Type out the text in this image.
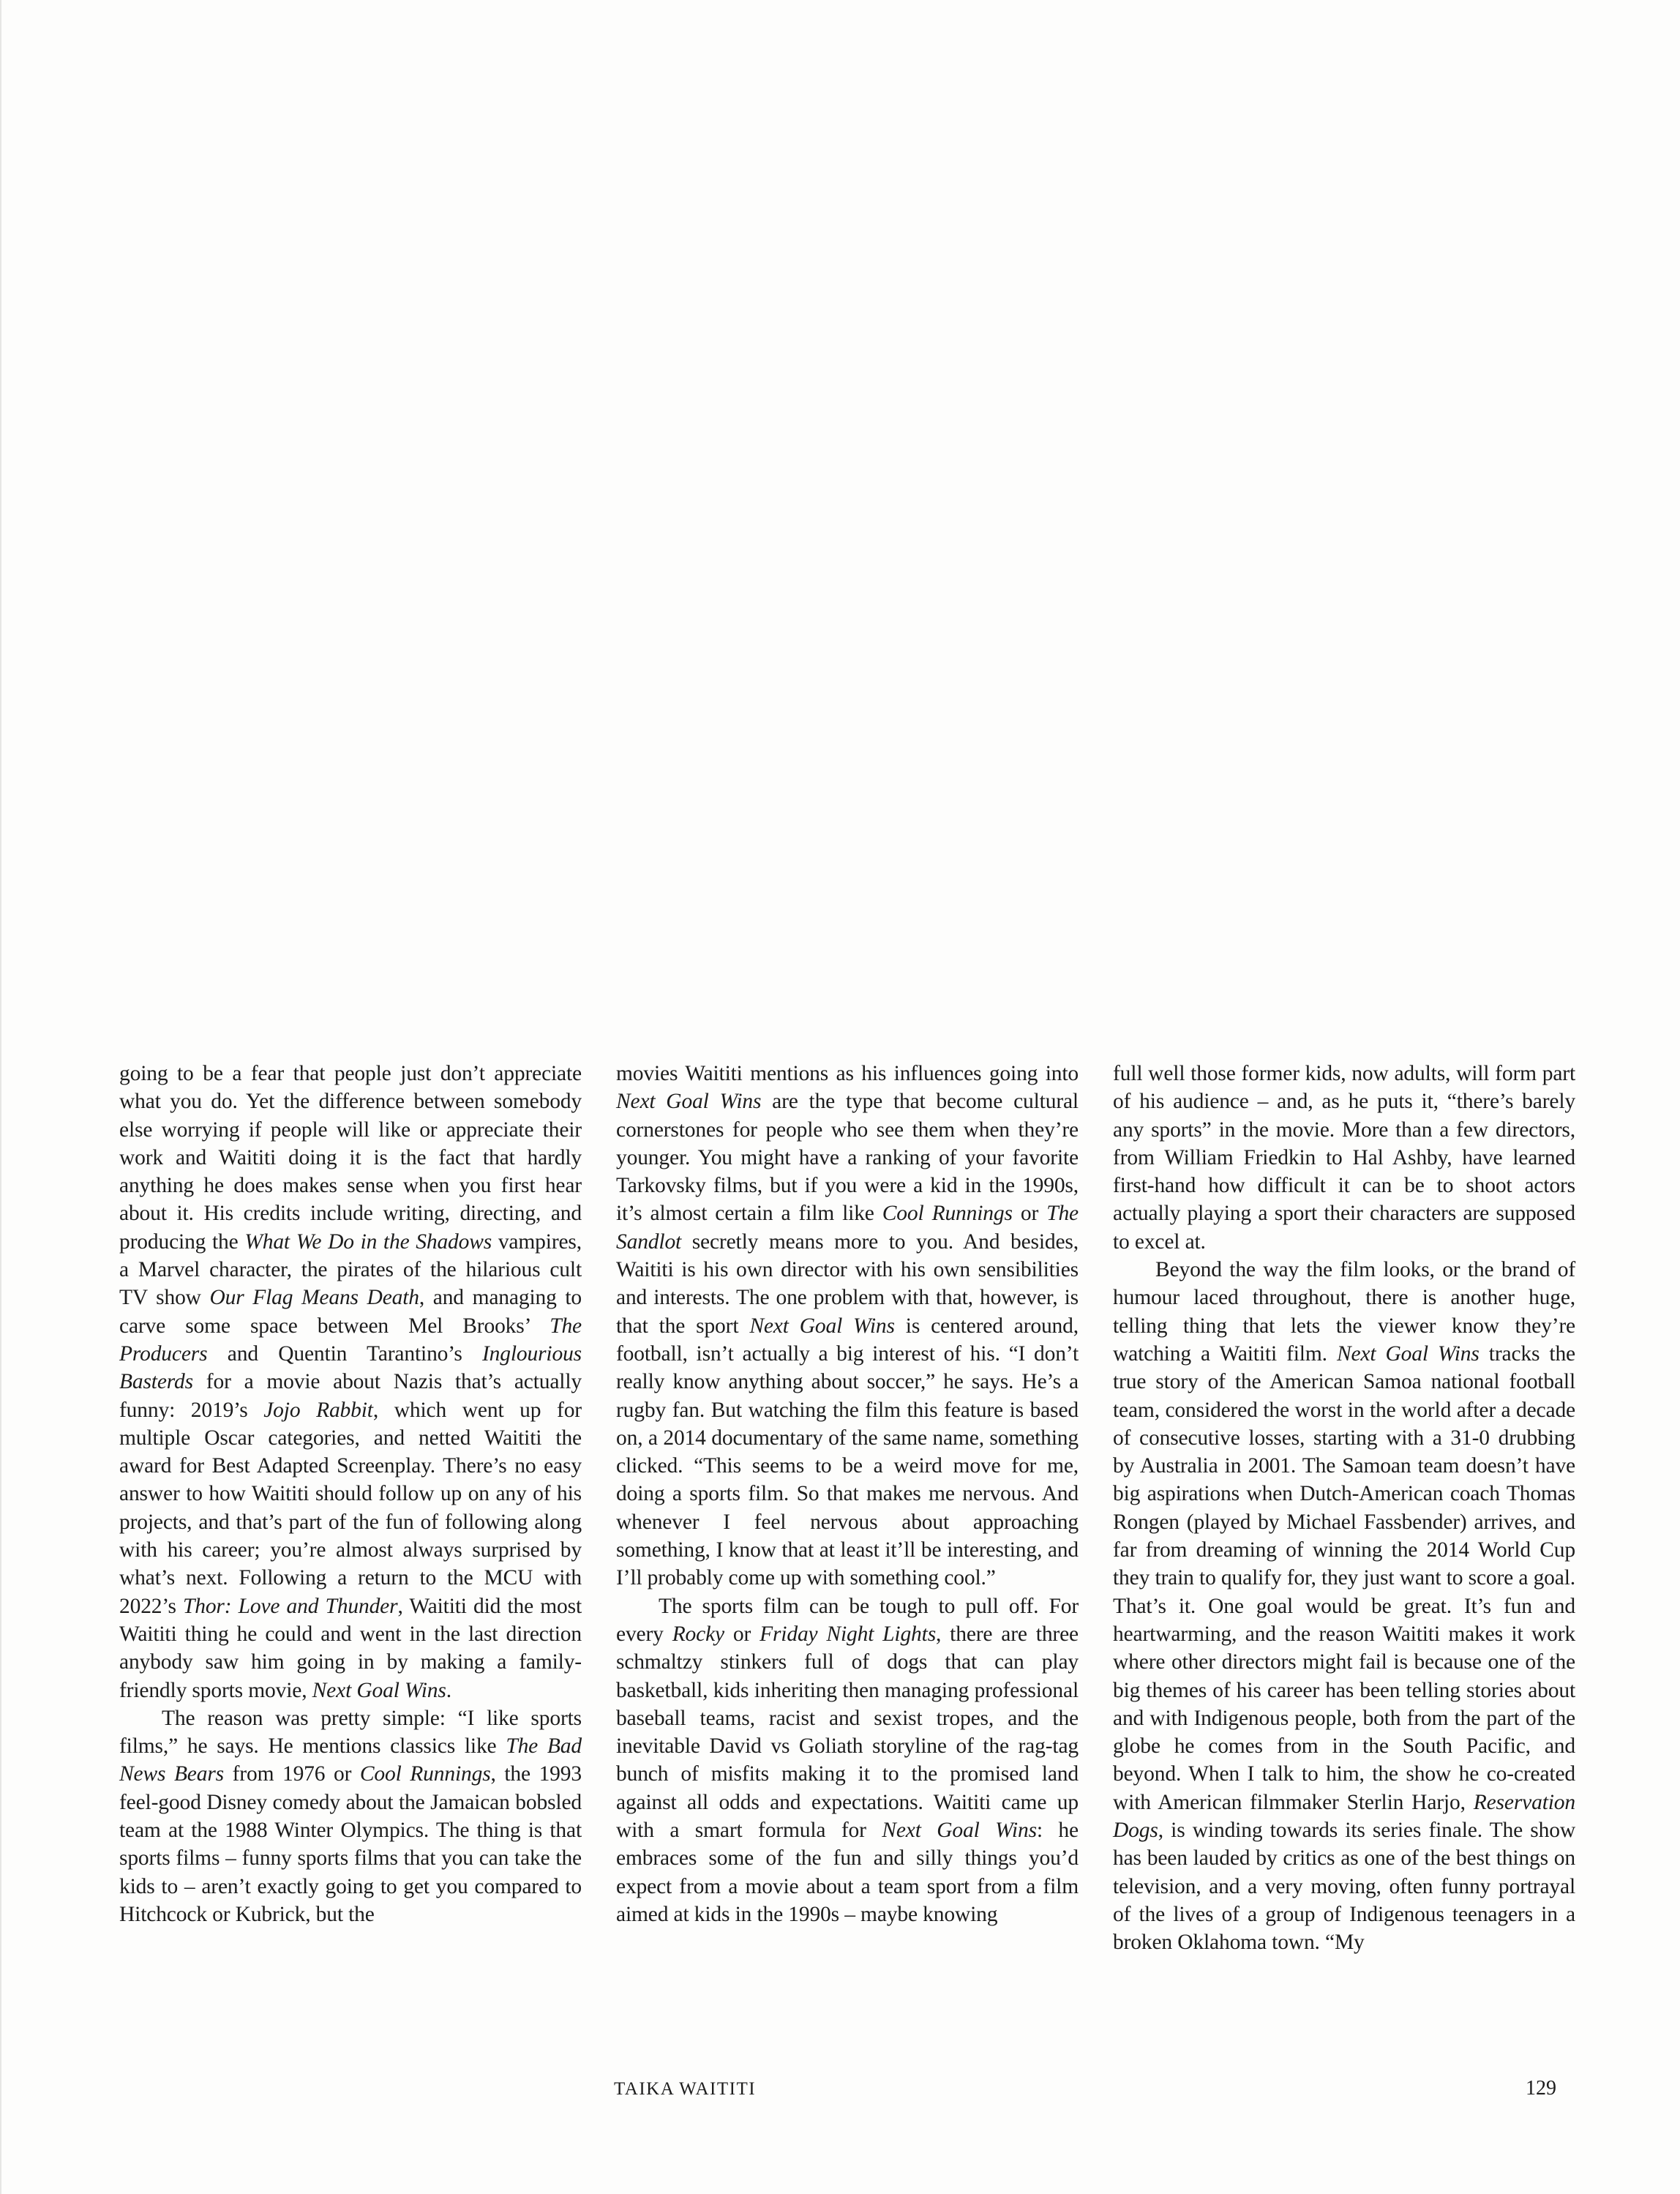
going to be a fear that people just don’t appreciate what you do. Yet the difference between somebody else worrying if people will like or appreciate their work and Waititi doing it is the fact that hardly anything he does makes sense when you first hear about it. His credits include writing, directing, and producing the What We Do in the Shadows vampires, a Marvel character, the pirates of the hilarious cult TV show Our Flag Means Death, and managing to carve some space between Mel Brooks’ The Producers and Quentin Tarantino’s Inglourious Basterds for a movie about Nazis that’s actually funny: 2019’s Jojo Rabbit, which went up for multiple Oscar categories, and netted Waititi the award for Best Adapted Screenplay. There’s no easy answer to how Waititi should follow up on any of his projects, and that’s part of the fun of following along with his career; you’re almost always surprised by what’s next. Following a return to the MCU with 2022’s Thor: Love and Thunder, Waititi did the most Waititi thing he could and went in the last direction anybody saw him going in by making a family-friendly sports movie, Next Goal Wins.

The reason was pretty simple: “I like sports films,” he says. He mentions classics like The Bad News Bears from 1976 or Cool Runnings, the 1993 feel-good Disney comedy about the Jamaican bobsled team at the 1988 Winter Olympics. The thing is that sports films – funny sports films that you can take the kids to – aren’t exactly going to get you compared to Hitchcock or Kubrick, but the

movies Waititi mentions as his influences going into Next Goal Wins are the type that become cultural cornerstones for people who see them when they’re younger. You might have a ranking of your favorite Tarkovsky films, but if you were a kid in the 1990s, it’s almost certain a film like Cool Runnings or The Sandlot secretly means more to you. And besides, Waititi is his own director with his own sensibilities and interests. The one problem with that, however, is that the sport Next Goal Wins is centered around, football, isn’t actually a big interest of his. “I don’t really know anything about soccer,” he says. He’s a rugby fan. But watching the film this feature is based on, a 2014 documentary of the same name, something clicked. “This seems to be a weird move for me, doing a sports film. So that makes me nervous. And whenever I feel nervous about approaching something, I know that at least it’ll be interesting, and I’ll probably come up with something cool.”

The sports film can be tough to pull off. For every Rocky or Friday Night Lights, there are three schmaltzy stinkers full of dogs that can play basketball, kids inheriting then managing professional baseball teams, racist and sexist tropes, and the inevitable David vs Goliath storyline of the rag-tag bunch of misfits making it to the promised land against all odds and expectations. Waititi came up with a smart formula for Next Goal Wins: he embraces some of the fun and silly things you’d expect from a movie about a team sport from a film aimed at kids in the 1990s – maybe knowing

full well those former kids, now adults, will form part of his audience – and, as he puts it, “there’s barely any sports” in the movie. More than a few directors, from William Friedkin to Hal Ashby, have learned first-hand how difficult it can be to shoot actors actually playing a sport their characters are supposed to excel at.

Beyond the way the film looks, or the brand of humour laced throughout, there is another huge, telling thing that lets the viewer know they’re watching a Waititi film. Next Goal Wins tracks the true story of the American Samoa national football team, considered the worst in the world after a decade of consecutive losses, starting with a 31-0 drubbing by Australia in 2001. The Samoan team doesn’t have big aspirations when Dutch-American coach Thomas Rongen (played by Michael Fassbender) arrives, and far from dreaming of winning the 2014 World Cup they train to qualify for, they just want to score a goal. That’s it. One goal would be great. It’s fun and heartwarming, and the reason Waititi makes it work where other directors might fail is because one of the big themes of his career has been telling stories about and with Indigenous people, both from the part of the globe he comes from in the South Pacific, and beyond. When I talk to him, the show he co-created with American filmmaker Sterlin Harjo, Reservation Dogs, is winding towards its series finale. The show has been lauded by critics as one of the best things on television, and a very moving, often funny portrayal of the lives of a group of Indigenous teenagers in a broken Oklahoma town. “My

TAIKA WAITITI	129
